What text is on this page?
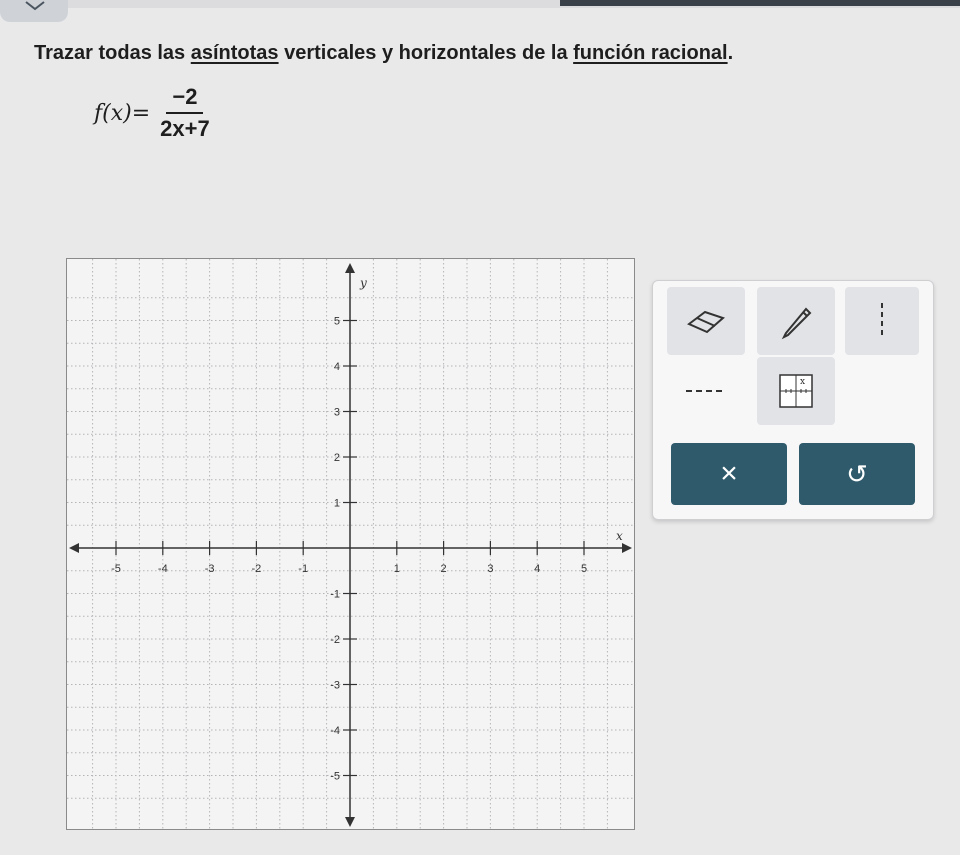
Trazar todas las asíntotas verticales y horizontales de la función racional.
$f(x)= \frac{-2}{2x+7}$
x
y
-5	-4	-3	-2	-1	1	2	3	4	5
5
4
3
2
1
-1
-2
-3
-4
-5
x
×	↺
